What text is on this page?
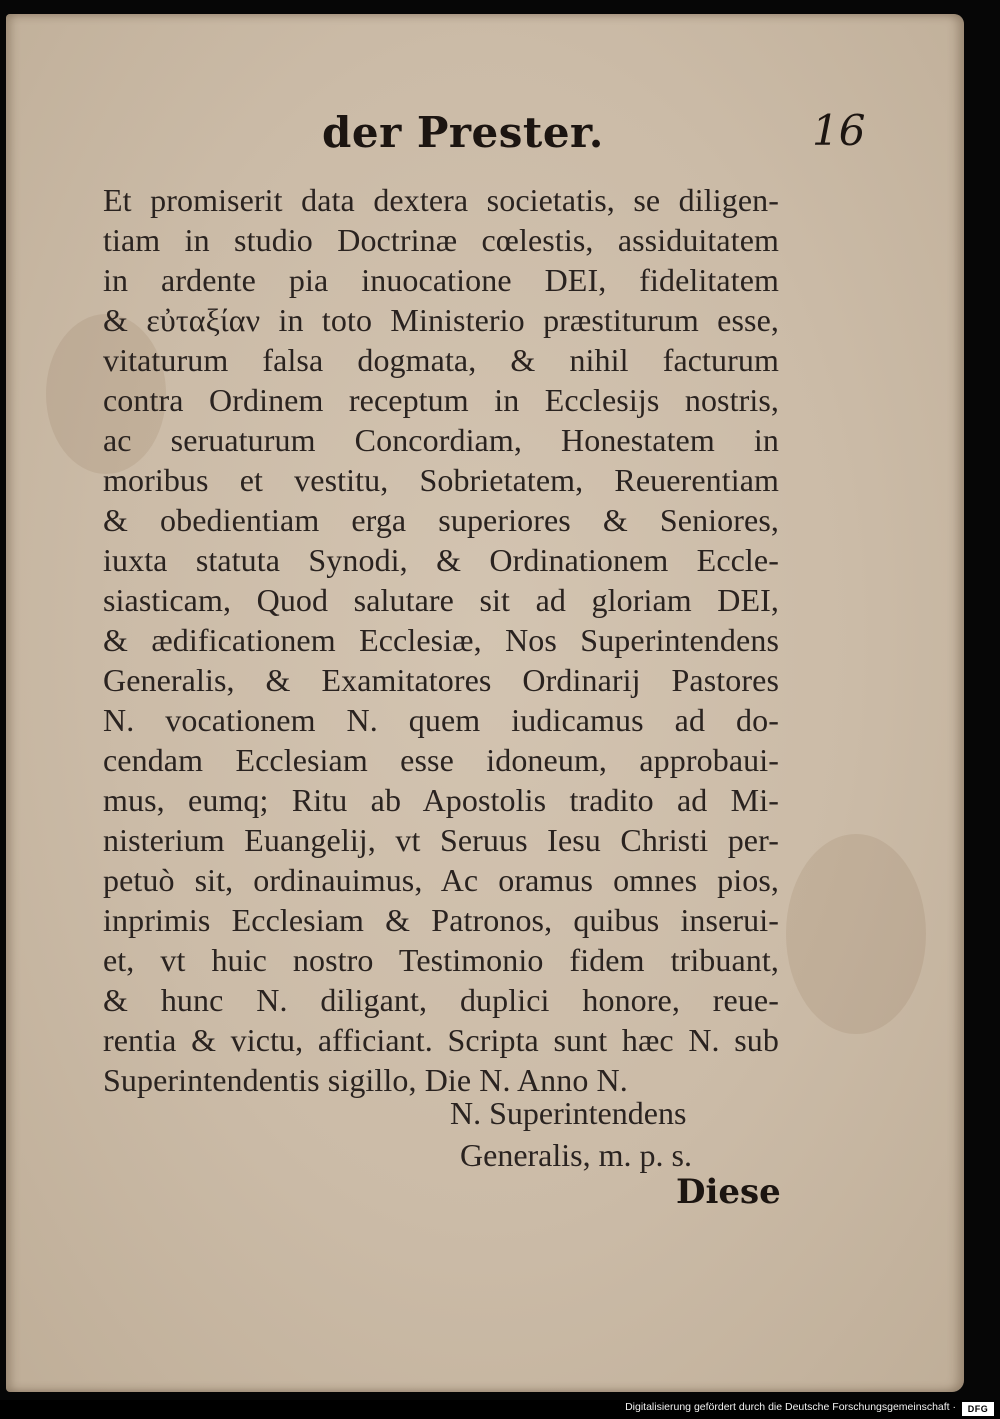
der Prester.	16
Et promiserit data dextera societatis, se diligen-
tiam in studio Doctrinæ cœlestis, assiduitatem
in ardente pia inuocatione DEI, fidelitatem
& εὐταξίαν in toto Ministerio præstiturum esse,
vitaturum falsa dogmata, & nihil facturum
contra Ordinem receptum in Ecclesijs nostris,
ac seruaturum Concordiam, Honestatem in
moribus et vestitu, Sobrietatem, Reuerentiam
& obedientiam erga superiores & Seniores,
iuxta statuta Synodi, & Ordinationem Eccle-
siasticam, Quod salutare sit ad gloriam DEI,
& ædificationem Ecclesiæ, Nos Superintendens
Generalis, & Examitatores Ordinarij Pastores
N. vocationem N. quem iudicamus ad do-
cendam Ecclesiam esse idoneum, approbaui-
mus, eumq; Ritu ab Apostolis tradito ad Mi-
nisterium Euangelij, vt Seruus Iesu Christi per-
petuò sit, ordinauimus, Ac oramus omnes pios,
inprimis Ecclesiam & Patronos, quibus inserui-
et, vt huic nostro Testimonio fidem tribuant,
& hunc N. diligant, duplici honore, reue-
rentia & victu, afficiant. Scripta sunt hæc N. sub
Superintendentis sigillo, Die N. Anno N.
N. Superintendens
Generalis, m. p. s.
Diese
Digitalisierung gefördert durch die Deutsche Forschungsgemeinschaft ·	DFG
